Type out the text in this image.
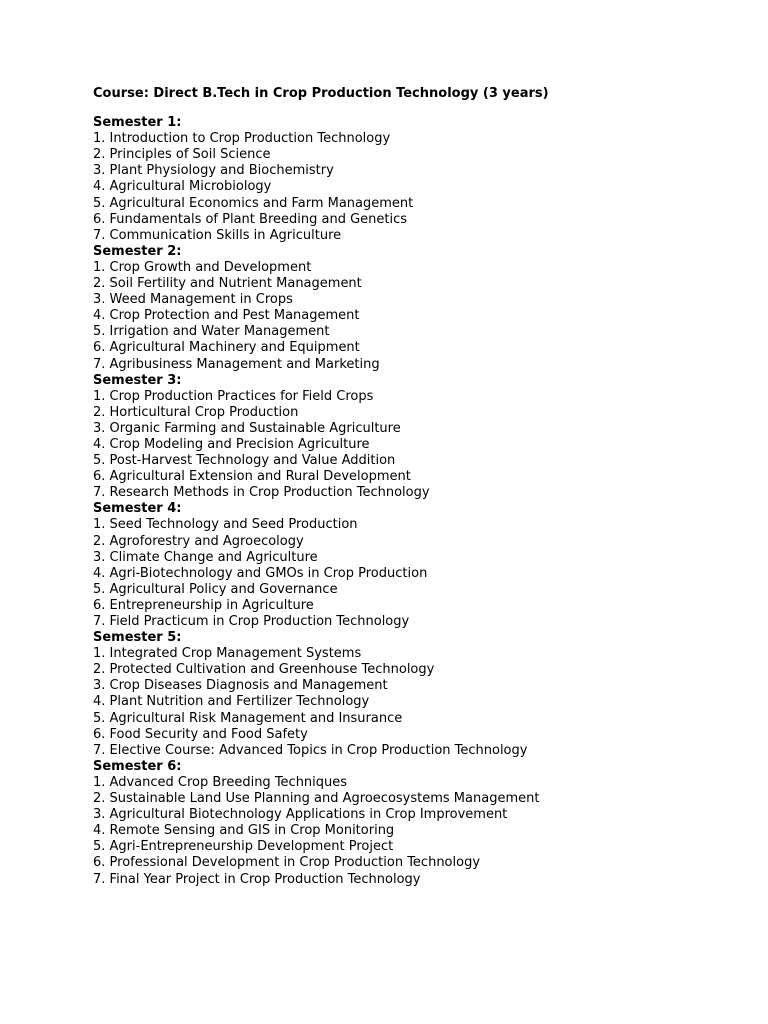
Course: Direct B.Tech in Crop Production Technology (3 years)

Semester 1:

1. Introduction to Crop Production Technology
2. Principles of Soil Science
3. Plant Physiology and Biochemistry
4. Agricultural Microbiology
5. Agricultural Economics and Farm Management
6. Fundamentals of Plant Breeding and Genetics
7. Communication Skills in Agriculture

Semester 2:

1. Crop Growth and Development
2. Soil Fertility and Nutrient Management
3. Weed Management in Crops
4. Crop Protection and Pest Management
5. Irrigation and Water Management
6. Agricultural Machinery and Equipment
7. Agribusiness Management and Marketing

Semester 3:

1. Crop Production Practices for Field Crops
2. Horticultural Crop Production
3. Organic Farming and Sustainable Agriculture
4. Crop Modeling and Precision Agriculture
5. Post-Harvest Technology and Value Addition
6. Agricultural Extension and Rural Development
7. Research Methods in Crop Production Technology

Semester 4:

1. Seed Technology and Seed Production
2. Agroforestry and Agroecology
3. Climate Change and Agriculture
4. Agri-Biotechnology and GMOs in Crop Production
5. Agricultural Policy and Governance
6. Entrepreneurship in Agriculture
7. Field Practicum in Crop Production Technology

Semester 5:

1. Integrated Crop Management Systems
2. Protected Cultivation and Greenhouse Technology
3. Crop Diseases Diagnosis and Management
4. Plant Nutrition and Fertilizer Technology
5. Agricultural Risk Management and Insurance
6. Food Security and Food Safety
7. Elective Course: Advanced Topics in Crop Production Technology

Semester 6:

1. Advanced Crop Breeding Techniques
2. Sustainable Land Use Planning and Agroecosystems Management
3. Agricultural Biotechnology Applications in Crop Improvement
4. Remote Sensing and GIS in Crop Monitoring
5. Agri-Entrepreneurship Development Project
6. Professional Development in Crop Production Technology
7. Final Year Project in Crop Production Technology
